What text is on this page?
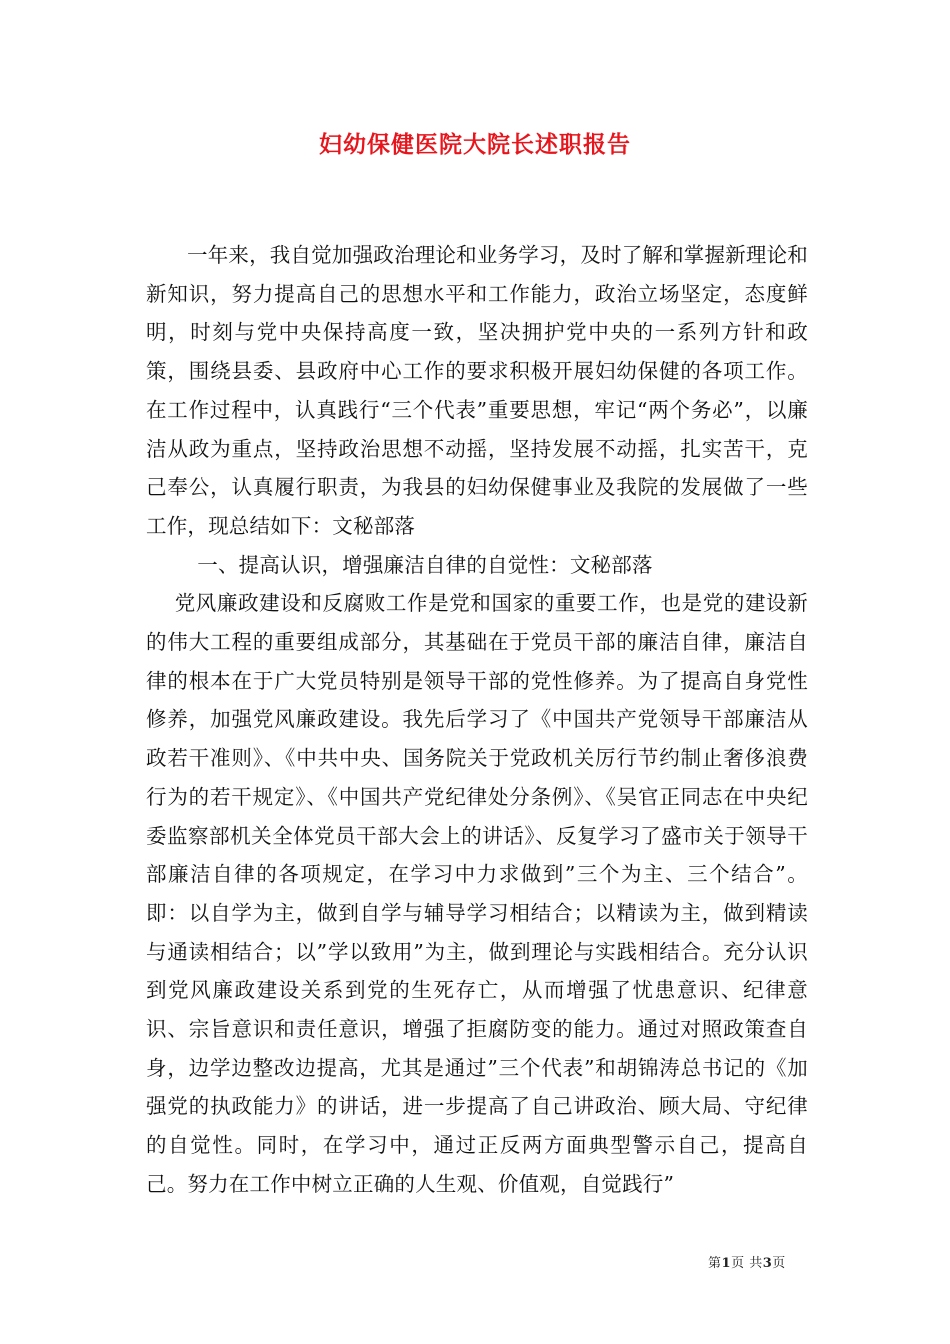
妇幼保健医院大院长述职报告

一年来，我自觉加强政治理论和业务学习，及时了解和掌握新理论和新知识，努力提高自己的思想水平和工作能力，政治立场坚定，态度鲜明，时刻与党中央保持高度一致，坚决拥护党中央的一系列方针和政策，围绕县委、县政府中心工作的要求积极开展妇幼保健的各项工作。在工作过程中，认真践行“三个代表”重要思想，牢记“两个务必”，以廉洁从政为重点，坚持政治思想不动摇，坚持发展不动摇，扎实苦干，克己奉公，认真履行职责，为我县的妇幼保健事业及我院的发展做了一些工作，现总结如下：文秘部落

一、提高认识，增强廉洁自律的自觉性：文秘部落

党风廉政建设和反腐败工作是党和国家的重要工作，也是党的建设新的伟大工程的重要组成部分，其基础在于党员干部的廉洁自律，廉洁自律的根本在于广大党员特别是领导干部的党性修养。为了提高自身党性修养，加强党风廉政建设。我先后学习了《中国共产党领导干部廉洁从政若干准则》、《中共中央、国务院关于党政机关厉行节约制止奢侈浪费行为的若干规定》、《中国共产党纪律处分条例》、《吴官正同志在中央纪委监察部机关全体党员干部大会上的讲话》、反复学习了盛市关于领导干部廉洁自律的各项规定，在学习中力求做到”三个为主、三个结合”。即：以自学为主，做到自学与辅导学习相结合；以精读为主，做到精读与通读相结合；以”学以致用”为主，做到理论与实践相结合。充分认识到党风廉政建设关系到党的生死存亡，从而增强了忧患意识、纪律意识、宗旨意识和责任意识，增强了拒腐防变的能力。通过对照政策查自身，边学边整改边提高，尤其是通过”三个代表”和胡锦涛总书记的《加强党的执政能力》的讲话，进一步提高了自己讲政治、顾大局、守纪律的自觉性。同时，在学习中，通过正反两方面典型警示自己，提高自己。努力在工作中树立正确的人生观、价值观，自觉践行”

第1页 共3页
